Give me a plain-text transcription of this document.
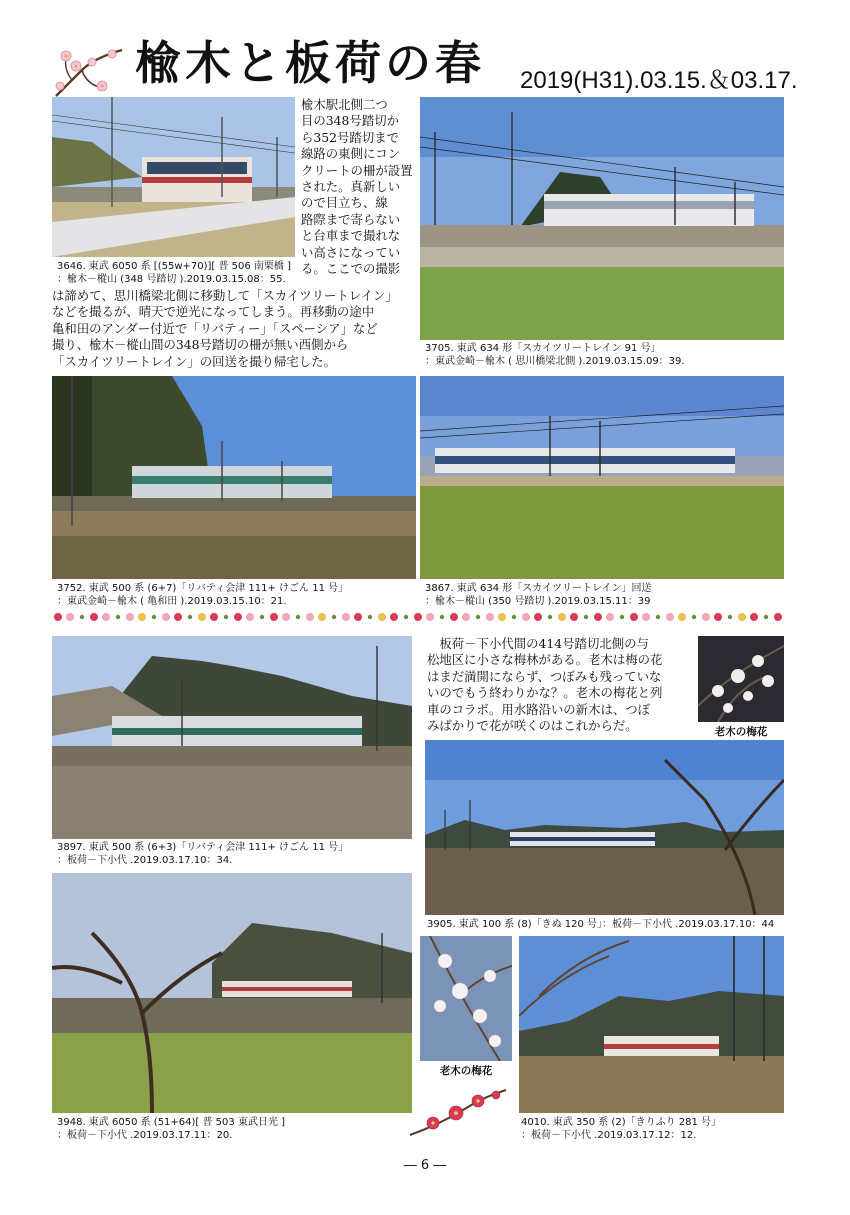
楡木と板荷の春 2019(H31).03.15.＆03.17.

楡木駅北側二つ

目の348号踏切か

ら352号踏切まで

線路の東側にコン

クリートの柵が設置

された。真新しい

ので目立ち、線

路際まで寄らない

と台車まで撮れな

い高さになってい

る。ここでの撮影

3646. 東武 6050 系 [(55w+70)][ 普 506 南栗橋 ]
：楡木－樅山 (348 号踏切 ).2019.03.15.08：55.

は諦めて、思川橋梁北側に移動して「スカイツリートレイン」

などを撮るが、晴天で逆光になってしまう。再移動の途中

亀和田のアンダー付近で「リバティー」「スペーシア」など

撮り、楡木－樅山間の348号踏切の柵が無い西側から

「スカイツリートレイン」の回送を撮り帰宅した。

3705. 東武 634 形「スカイツリートレイン 91 号」
：東武金崎－楡木 ( 思川橋梁北側 ).2019.03.15.09：39.
3752. 東武 500 系 (6+7)「リバティ会津 111+ けごん 11 号」
：東武金崎－楡木 ( 亀和田 ).2019.03.15.10：21.
3867. 東武 634 形「スカイツリートレイン」回送
：楡木－樅山 (350 号踏切 ).2019.03.15.11：39
3897. 東武 500 系 (6+3)「リバティ会津 111+ けごん 11 号」
：板荷－下小代 .2019.03.17.10：34.

　板荷－下小代間の414号踏切北側の与

松地区に小さな梅林がある。老木は梅の花

はまだ満開にならず、つぼみも残っていな

いのでもう終わりかな？。老木の梅花と列

車のコラボ。用水路沿いの新木は、つぼ

みばかりで花が咲くのはこれからだ。	老木の梅花
3905. 東武 100 系 (8)「きぬ 120 号」：板荷－下小代 .2019.03.17.10：44
3948. 東武 6050 系 (51+64)[ 普 503 東武日光 ]
：板荷－下小代 .2019.03.17.11：20.
老木の梅花
4010. 東武 350 系 (2)「きりふり 281 号」
：板荷－下小代 .2019.03.17.12：12.
― 6 ―
